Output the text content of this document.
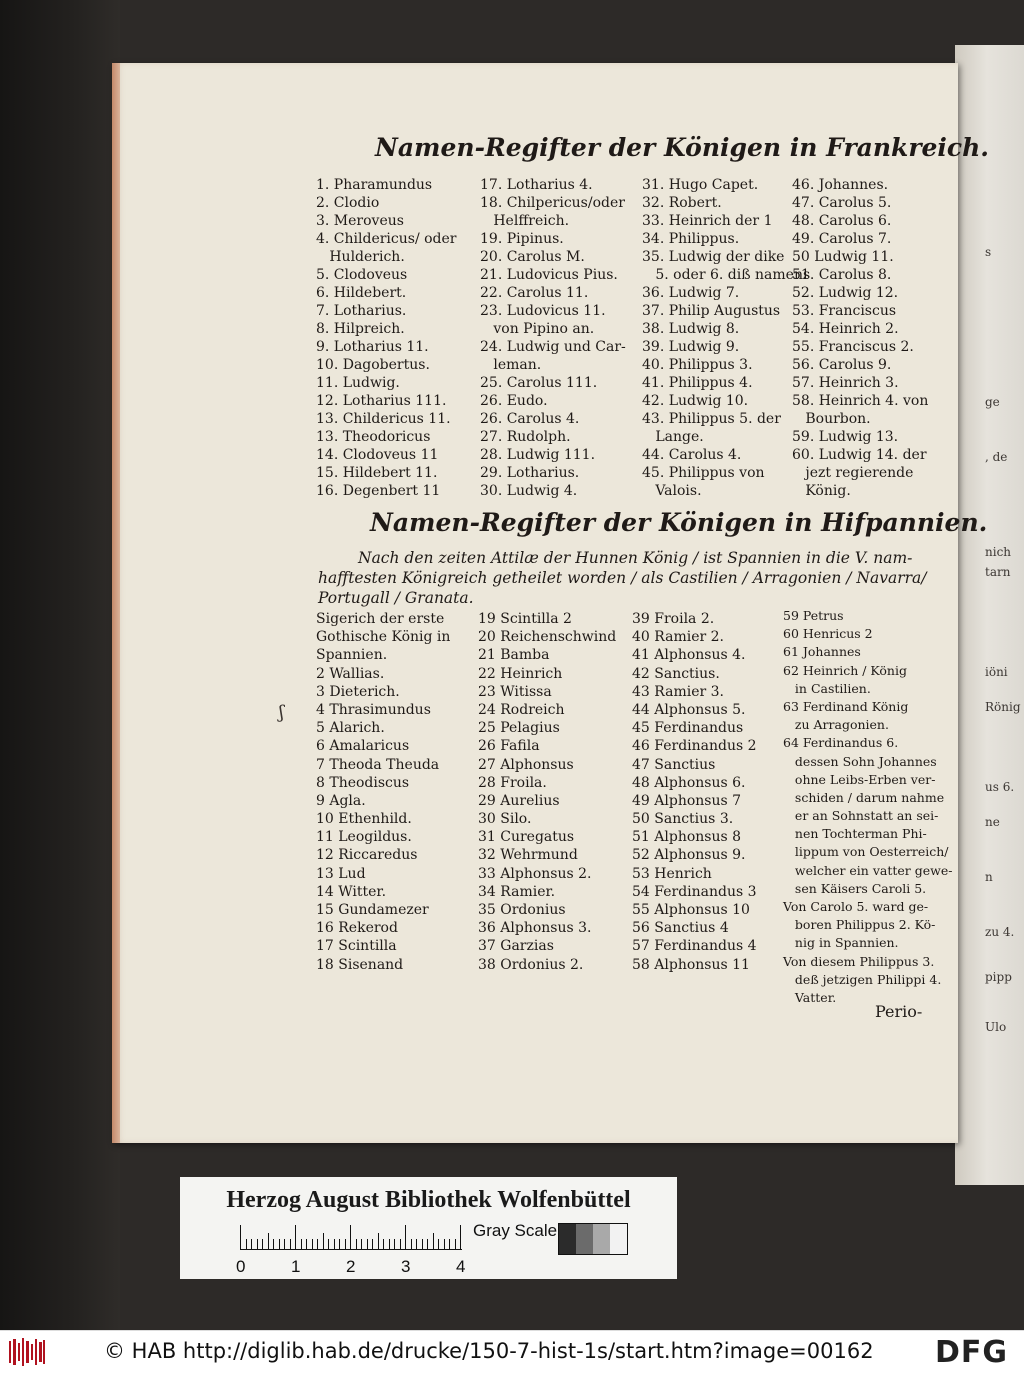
s
ge
, de
nich
tarn
iöni
Rönig
us 6.
ne
n
zu 4.
pipp
Ulo
Namen-Regifter der Königen in Frankreich.
1. Pharamundus
2. Clodio
3. Meroveus
4. Childericus/ oder
Hulderich.
5. Clodoveus
6. Hildebert.
7. Lotharius.
8. Hilpreich.
9. Lotharius 11.
10. Dagobertus.
11. Ludwig.
12. Lotharius 111.
13. Childericus 11.
13. Theodoricus
14. Clodoveus 11
15. Hildebert 11.
16. Degenbert 11
17. Lotharius 4.
18. Chilpericus/oder
Helffreich.
19. Pipinus.
20. Carolus M.
21. Ludovicus Pius.
22. Carolus 11.
23. Ludovicus 11.
von Pipino an.
24. Ludwig und Car-
leman.
25. Carolus 111.
26. Eudo.
26. Carolus 4.
27. Rudolph.
28. Ludwig 111.
29. Lotharius.
30. Ludwig 4.
31. Hugo Capet.
32. Robert.
33. Heinrich der 1
34. Philippus.
35. Ludwig der dike
5. oder 6. diß namens
36. Ludwig 7.
37. Philip Augustus
38. Ludwig 8.
39. Ludwig 9.
40. Philippus 3.
41. Philippus 4.
42. Ludwig 10.
43. Philippus 5. der
Lange.
44. Carolus 4.
45. Philippus von
Valois.
46. Johannes.
47. Carolus 5.
48. Carolus 6.
49. Carolus 7.
50 Ludwig 11.
51. Carolus 8.
52. Ludwig 12.
53. Franciscus
54. Heinrich 2.
55. Franciscus 2.
56. Carolus 9.
57. Heinrich 3.
58. Heinrich 4. von
Bourbon.
59. Ludwig 13.
60. Ludwig 14. der
jezt regierende
König.
Namen-Regifter der Königen in Hifpannien.
Nach den zeiten Attilæ der Hunnen König / ist Spannien in die V. nam-
hafftesten Königreich getheilet worden / als Castilien / Arragonien / Navarra/
Portugall / Granata.
Sigerich der erste
Gothische König in
Spannien.
2 Wallias.
3 Dieterich.
4 Thrasimundus
5 Alarich.
6 Amalaricus
7 Theoda Theuda
8 Theodiscus
9 Agla.
10 Ethenhild.
11 Leogildus.
12 Riccaredus
13 Lud
14 Witter.
15 Gundamezer
16 Rekerod
17 Scintilla
18 Sisenand
19 Scintilla 2
20 Reichenschwind
21 Bamba
22 Heinrich
23 Witissa
24 Rodreich
25 Pelagius
26 Fafila
27 Alphonsus
28 Froila.
29 Aurelius
30 Silo.
31 Curegatus
32 Wehrmund
33 Alphonsus 2.
34 Ramier.
35 Ordonius
36 Alphonsus 3.
37 Garzias
38 Ordonius 2.
39 Froila 2.
40 Ramier 2.
41 Alphonsus 4.
42 Sanctius.
43 Ramier 3.
44 Alphonsus 5.
45 Ferdinandus
46 Ferdinandus 2
47 Sanctius
48 Alphonsus 6.
49 Alphonsus 7
50 Sanctius 3.
51 Alphonsus 8
52 Alphonsus 9.
53 Henrich
54 Ferdinandus 3
55 Alphonsus 10
56 Sanctius 4
57 Ferdinandus 4
58 Alphonsus 11
59 Petrus
60 Henricus 2
61 Johannes
62 Heinrich / König
in Castilien.
63 Ferdinand König
zu Arragonien.
64 Ferdinandus 6.
dessen Sohn Johannes
ohne Leibs-Erben ver-
schiden / darum nahme
er an Sohnstatt an sei-
nen Tochterman Phi-
lippum von Oesterreich/
welcher ein vatter gewe-
sen Käisers Caroli 5.
Von Carolo 5. ward ge-
boren Philippus 2. Kö-
nig in Spannien.
Von diesem Philippus 3.
deß jetzigen Philippi 4.
Vatter.
ʃ
Perio-
Herzog August Bibliothek Wolfenbüttel
0	1	2	3	4
Gray Scale
© HAB http://diglib.hab.de/drucke/150-7-hist-1s/start.htm?image=00162 DFG
